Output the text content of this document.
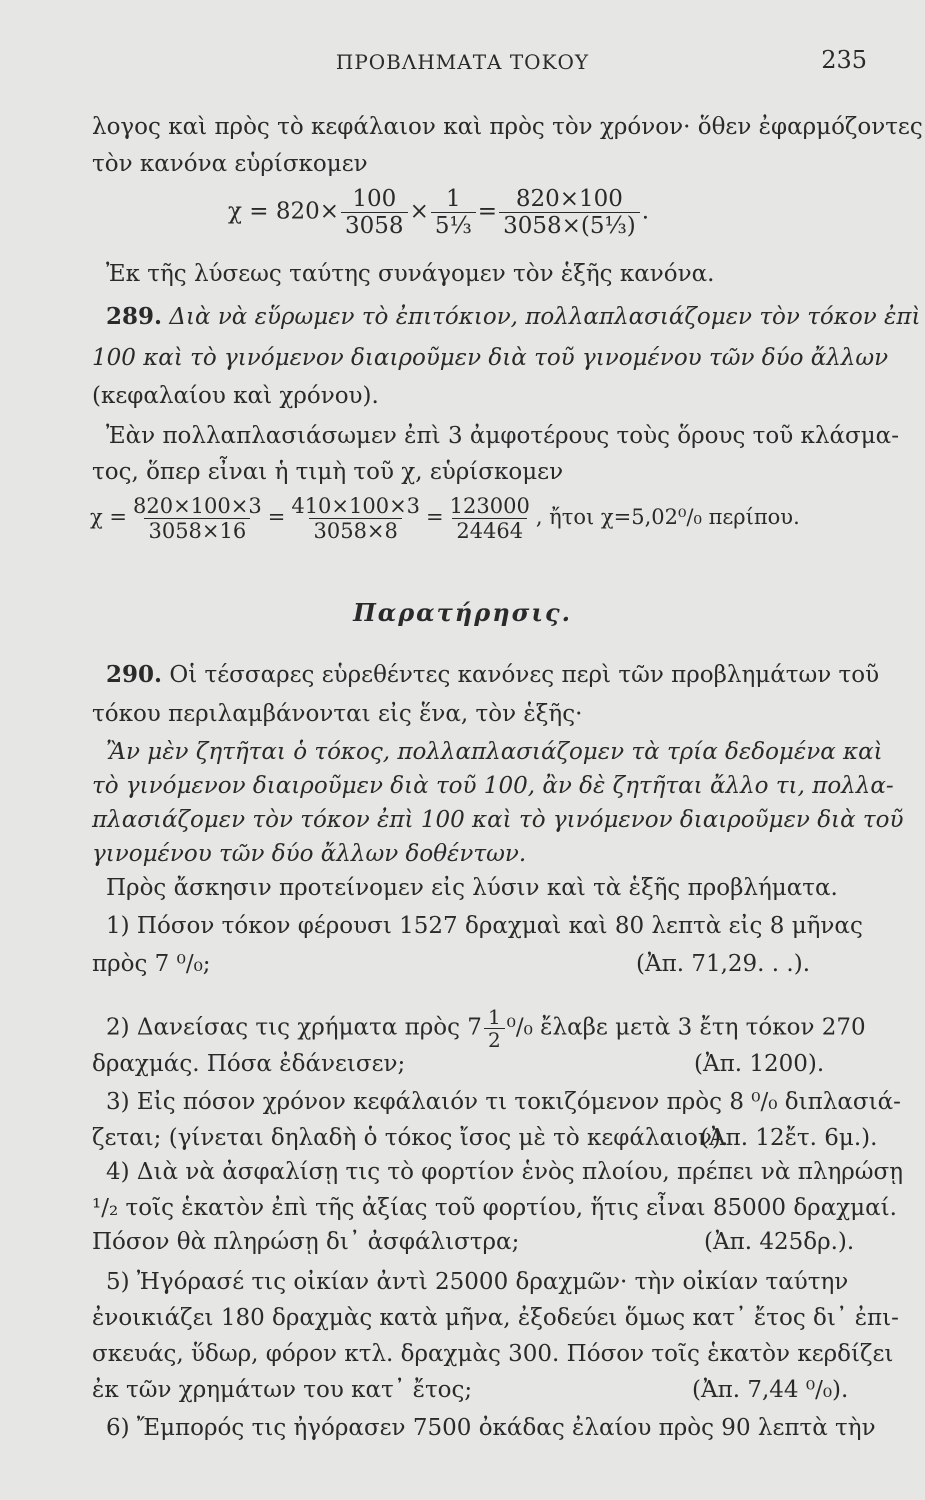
ΠΡΟΒΛΗΜΑΤΑ ΤΟΚΟΥ	235
λογος καὶ πρὸς τὸ κεφάλαιον καὶ πρὸς τὸν χρόνον· ὅθεν ἐφαρμόζοντες
τὸν κανόνα εὑρίσκομεν
$\chi = 820\times \frac{100}{3058} \times \frac{1}{\text{5⅓}} = \frac{820\times 100}{\text{3058×(5⅓)}}$ .
Ἐκ τῆς λύσεως ταύτης συνάγομεν τὸν ἑξῆς κανόνα.
289. Διὰ νὰ εὕρωμεν τὸ ἐπιτόκιον, πολλαπλασιάζομεν τὸν τόκον ἐπὶ
100 καὶ τὸ γινόμενον διαιροῦμεν διὰ τοῦ γινομένου τῶν δύο ἄλλων
(κεφαλαίου καὶ χρόνου).
Ἐὰν πολλαπλασιάσωμεν ἐπὶ 3 ἀμφοτέρους τοὺς ὅρους τοῦ κλάσμα-
τος, ὅπερ εἶναι ἡ τιμὴ τοῦ χ, εὑρίσκομεν
$\chi = \frac{820\times 100\times 3}{3058\times 16} = \frac{410\times 100\times 3}{3058\times 8} = \frac{123000}{24464}$ , ἤτοι χ=5,02⁰/₀ περίπου.
Παρατήρησις.
290. Οἱ τέσσαρες εὑρεθέντες κανόνες περὶ τῶν προβλημάτων τοῦ
τόκου περιλαμβάνονται εἰς ἕνα, τὸν ἑξῆς·
Ἂν μὲν ζητῆται ὁ τόκος, πολλαπλασιάζομεν τὰ τρία δεδομένα καὶ
τὸ γινόμενον διαιροῦμεν διὰ τοῦ 100, ἂν δὲ ζητῆται ἄλλο τι, πολλα-
πλασιάζομεν τὸν τόκον ἐπὶ 100 καὶ τὸ γινόμενον διαιροῦμεν διὰ τοῦ
γινομένου τῶν δύο ἄλλων δοθέντων.
Πρὸς ἄσκησιν προτείνομεν εἰς λύσιν καὶ τὰ ἑξῆς προβλήματα.
1) Πόσον τόκον φέρουσι 1527 δραχμαὶ καὶ 80 λεπτὰ εἰς 8 μῆνας
πρὸς 7 ⁰/₀;	(Ἀπ. 71,29. . .).
2) Δανείσας τις χρήματα πρὸς $7 \frac{1}{2} ^0/_0$ ἔλαβε μετὰ 3 ἔτη τόκον 270
δραχμάς. Πόσα ἐδάνεισεν;	(Ἀπ. 1200).
3) Εἰς πόσον χρόνον κεφάλαιόν τι τοκιζόμενον πρὸς 8 ⁰/₀ διπλασιά-
ζεται; (γίνεται δηλαδὴ ὁ τόκος ἴσος μὲ τὸ κεφάλαιον).
(Ἀπ. 12ἔτ. 6μ.).
4) Διὰ νὰ ἀσφαλίσῃ τις τὸ φορτίον ἑνὸς πλοίου, πρέπει νὰ πληρώσῃ
¹/₂ τοῖς ἑκατὸν ἐπὶ τῆς ἀξίας τοῦ φορτίου, ἥτις εἶναι 85000 δραχμαί.
Πόσον θὰ πληρώσῃ δι᾽ ἀσφάλιστρα;	(Ἀπ. 425δρ.).
5) Ἠγόρασέ τις οἰκίαν ἀντὶ 25000 δραχμῶν· τὴν οἰκίαν ταύτην
ἐνοικιάζει 180 δραχμὰς κατὰ μῆνα, ἐξοδεύει ὅμως κατ᾽ ἔτος δι᾽ ἐπι-
σκευάς, ὕδωρ, φόρον κτλ. δραχμὰς 300. Πόσον τοῖς ἑκατὸν κερδίζει
ἐκ τῶν χρημάτων του κατ᾽ ἔτος;	(Ἀπ. 7,44 ⁰/₀).
6) Ἔμπορός τις ἠγόρασεν 7500 ὀκάδας ἐλαίου πρὸς 90 λεπτὰ τὴν
